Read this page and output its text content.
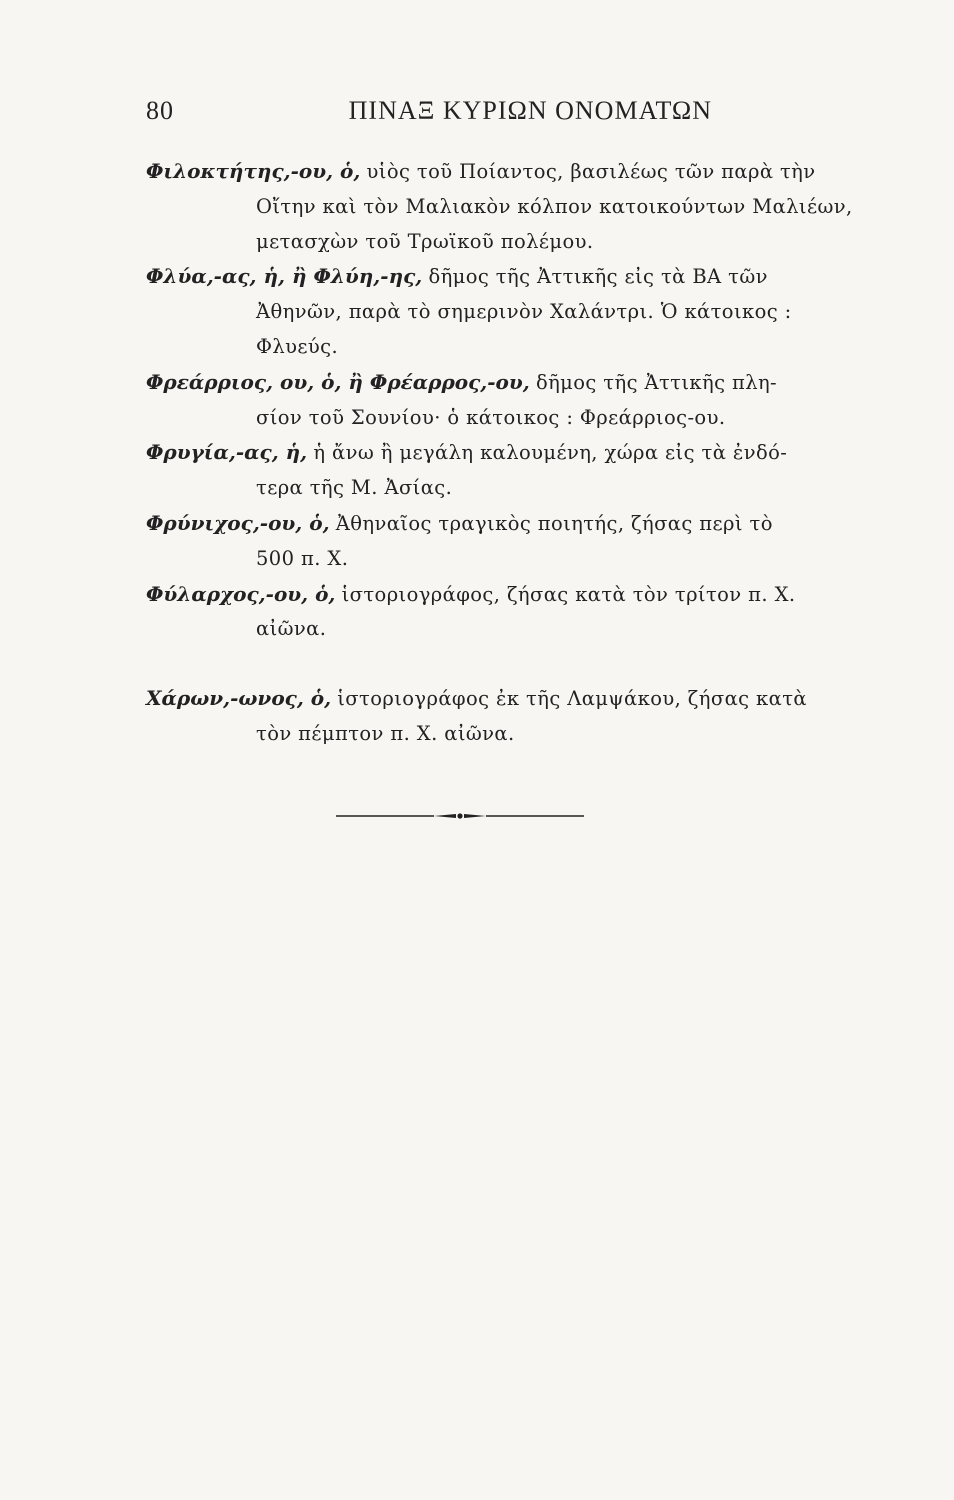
80	ΠΙΝΑΞ ΚΥΡΙΩΝ ΟΝΟΜΑΤΩΝ
Φιλοκτήτης,-ου, ὁ, υἱὸς τοῦ Ποίαντος, βασιλέως τῶν παρὰ τὴν
Οἴτην καὶ τὸν Μαλιακὸν κόλπον κατοικούντων Μαλιέων,
μετασχὼν τοῦ Τρωϊκοῦ πολέμου.
Φλύα,-ας, ἡ, ἢ Φλύη,-ης, δῆμος τῆς Ἀττικῆς εἰς τὰ ΒΑ τῶν
Ἀθηνῶν, παρὰ τὸ σημερινὸν Χαλάντρι. Ὁ κάτοικος :
Φλυεύς.
Φρεάρριος, ου, ὁ, ἢ Φρέαρρος,-ου, δῆμος τῆς Ἀττικῆς πλη-
σίον τοῦ Σουνίου· ὁ κάτοικος : Φρεάρριος-ου.
Φρυγία,-ας, ἡ, ἡ ἄνω ἢ μεγάλη καλουμένη, χώρα εἰς τὰ ἐνδό-
τερα τῆς Μ. Ἀσίας.
Φρύνιχος,-ου, ὁ, Ἀθηναῖος τραγικὸς ποιητής, ζήσας περὶ τὸ
500 π. Χ.
Φύλαρχος,-ου, ὁ, ἱστοριογράφος, ζήσας κατὰ τὸν τρίτον π. Χ.
αἰῶνα.
Χάρων,-ωνος, ὁ, ἱστοριογράφος ἐκ τῆς Λαμψάκου, ζήσας κατὰ
τὸν πέμπτον π. Χ. αἰῶνα.
